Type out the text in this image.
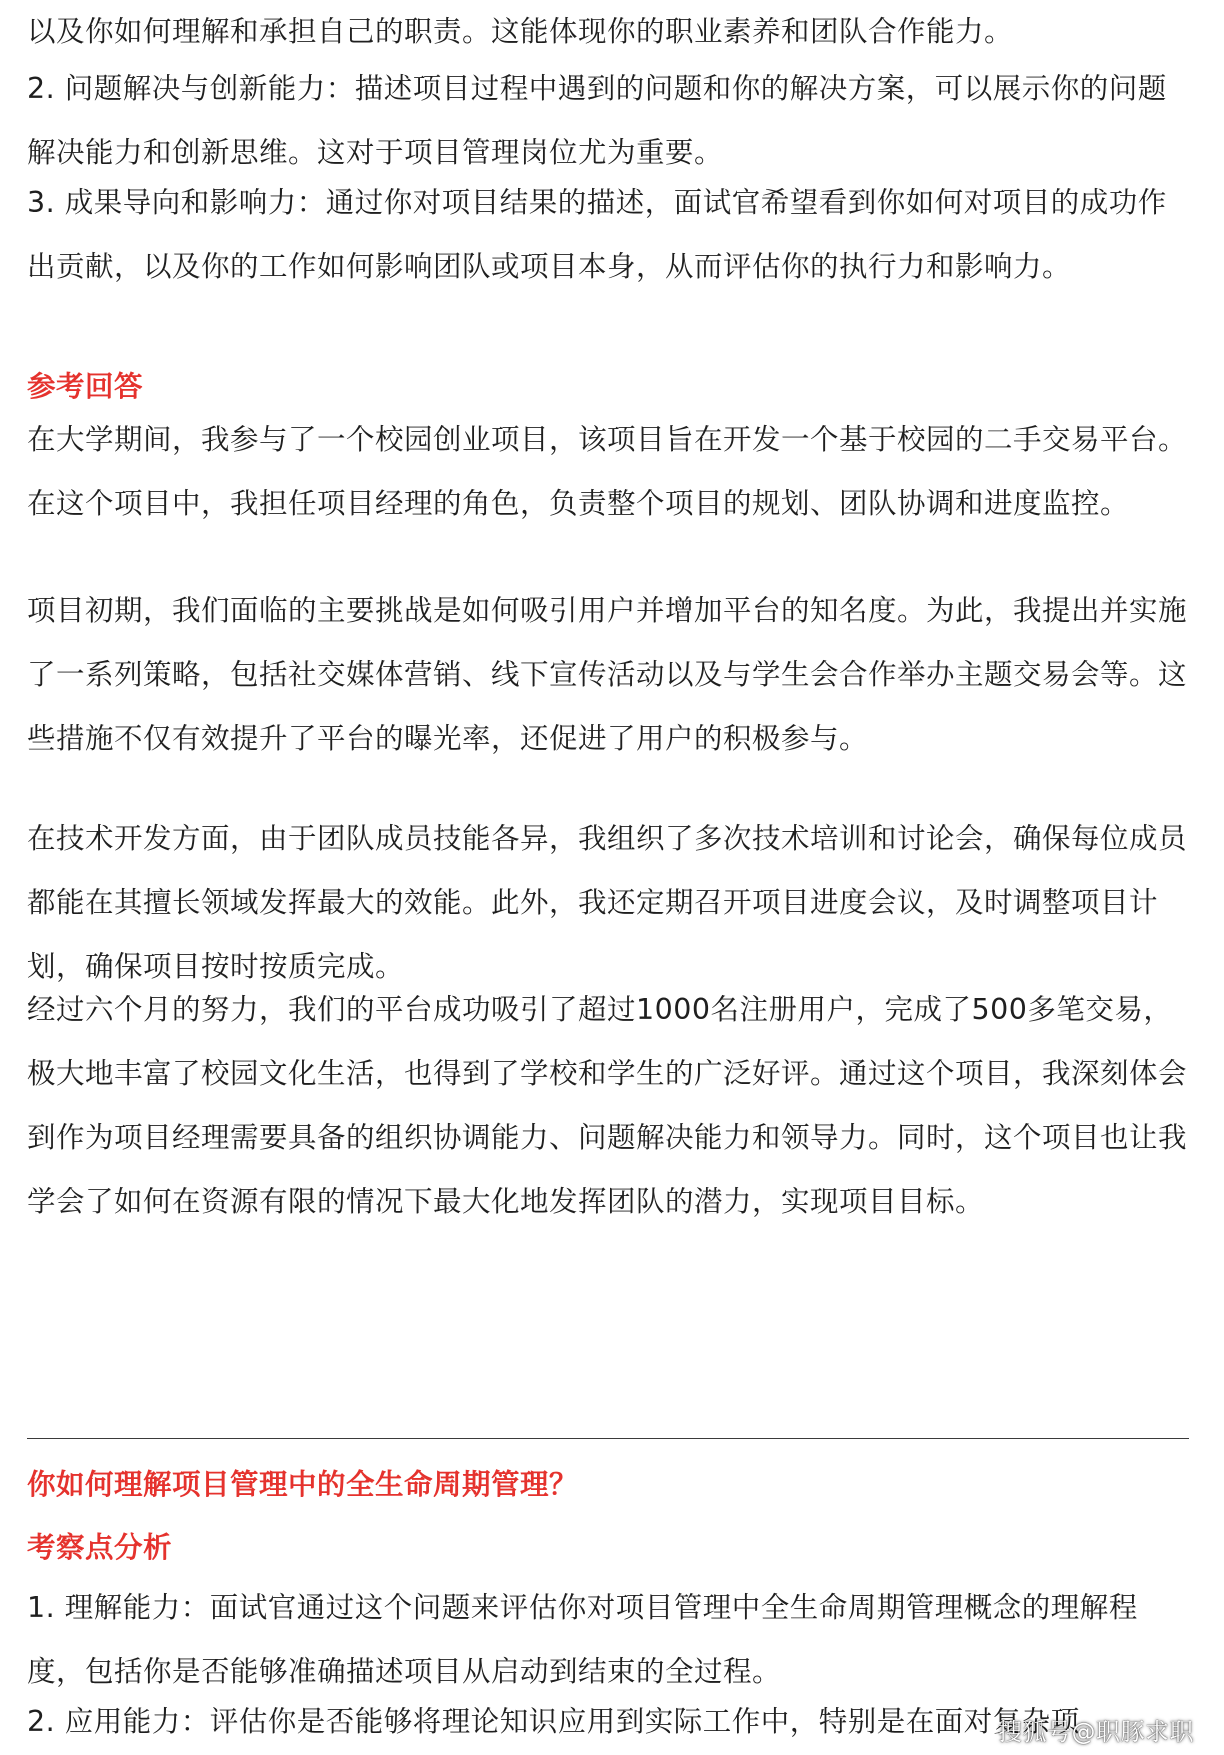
以及你如何理解和承担自己的职责。这能体现你的职业素养和团队合作能力。

2. 问题解决与创新能力：描述项目过程中遇到的问题和你的解决方案，可以展示你的问题解决能力和创新思维。这对于项目管理岗位尤为重要。

3. 成果导向和影响力：通过你对项目结果的描述，面试官希望看到你如何对项目的成功作出贡献，以及你的工作如何影响团队或项目本身，从而评估你的执行力和影响力。

参考回答

在大学期间，我参与了一个校园创业项目，该项目旨在开发一个基于校园的二手交易平台。在这个项目中，我担任项目经理的角色，负责整个项目的规划、团队协调和进度监控。

项目初期，我们面临的主要挑战是如何吸引用户并增加平台的知名度。为此，我提出并实施了一系列策略，包括社交媒体营销、线下宣传活动以及与学生会合作举办主题交易会等。这些措施不仅有效提升了平台的曝光率，还促进了用户的积极参与。

在技术开发方面，由于团队成员技能各异，我组织了多次技术培训和讨论会，确保每位成员都能在其擅长领域发挥最大的效能。此外，我还定期召开项目进度会议，及时调整项目计划，确保项目按时按质完成。

经过六个月的努力，我们的平台成功吸引了超过1000名注册用户，完成了500多笔交易，极大地丰富了校园文化生活，也得到了学校和学生的广泛好评。通过这个项目，我深刻体会到作为项目经理需要具备的组织协调能力、问题解决能力和领导力。同时，这个项目也让我学会了如何在资源有限的情况下最大化地发挥团队的潜力，实现项目目标。

你如何理解项目管理中的全生命周期管理？
考察点分析

1. 理解能力：面试官通过这个问题来评估你对项目管理中全生命周期管理概念的理解程度，包括你是否能够准确描述项目从启动到结束的全过程。

2. 应用能力：评估你是否能够将理论知识应用到实际工作中，特别是在面对复杂项

搜狐号@职豚求职
